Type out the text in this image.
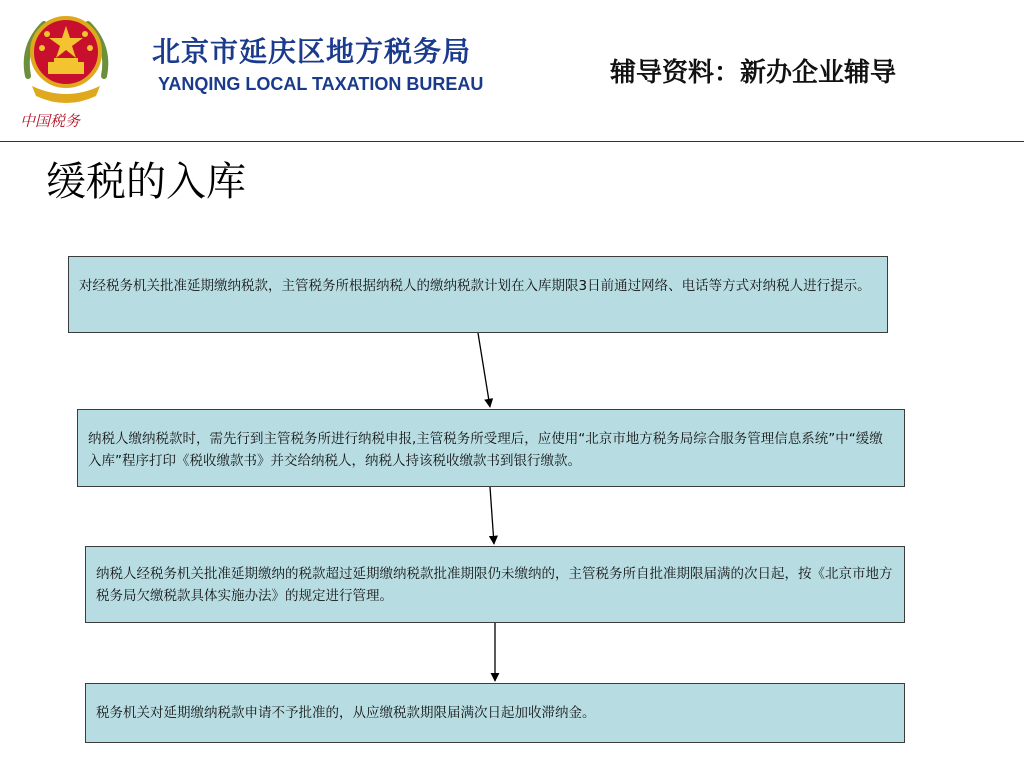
中国税务
北京市延庆区地方税务局
YANQING LOCAL TAXATION BUREAU	辅导资料：新办企业辅导
缓税的入库
对经税务机关批准延期缴纳税款，主管税务所根据纳税人的缴纳税款计划在入库期限3日前通过网络、电话等方式对纳税人进行提示。
纳税人缴纳税款时，需先行到主管税务所进行纳税申报,主管税务所受理后，应使用“北京市地方税务局综合服务管理信息系统”中“缓缴入库”程序打印《税收缴款书》并交给纳税人，纳税人持该税收缴款书到银行缴款。
纳税人经税务机关批准延期缴纳的税款超过延期缴纳税款批准期限仍未缴纳的，主管税务所自批准期限届满的次日起，按《北京市地方税务局欠缴税款具体实施办法》的规定进行管理。
税务机关对延期缴纳税款申请不予批准的，从应缴税款期限届满次日起加收滞纳金。
